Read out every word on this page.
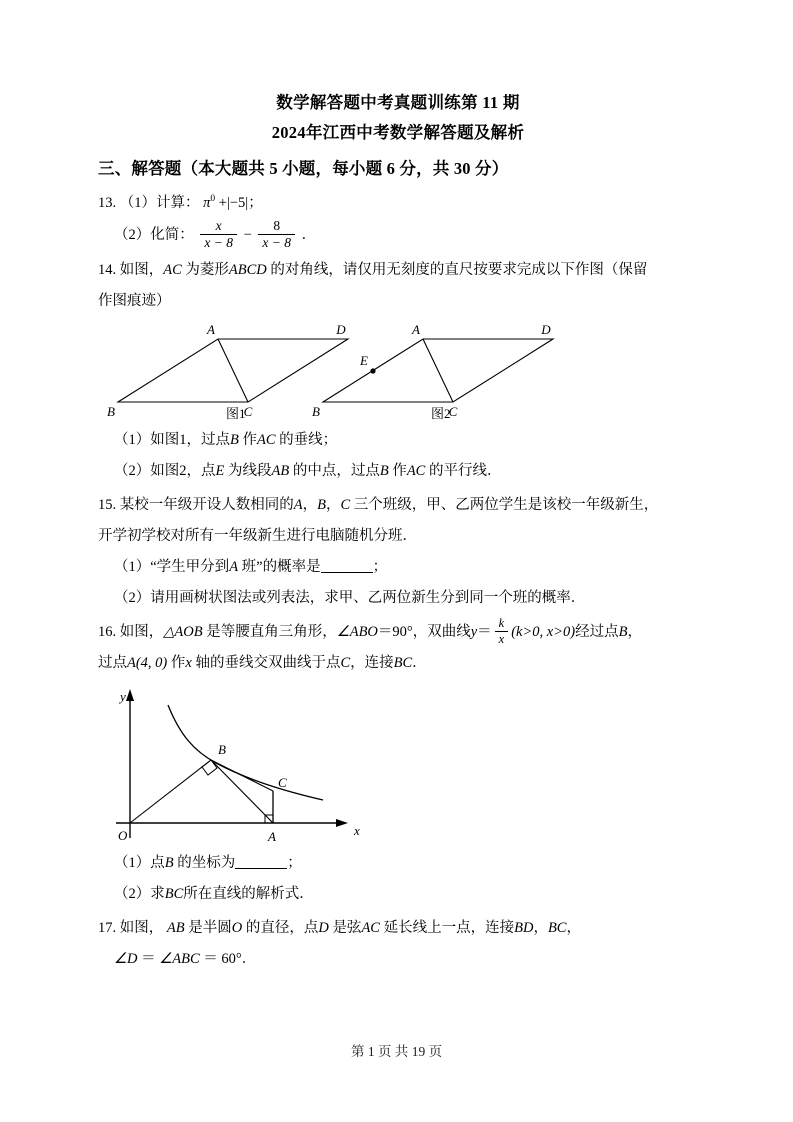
数学解答题中考真题训练第 11 期
2024年江西中考数学解答题及解析
三、解答题（本大题共 5 小题，每小题 6 分，共 30 分）
13. （1）计算： $\pi^0 +|-5|$；
（2）化简： $\frac{x}{x - 8} - \frac{8}{x - 8}$ ．
14. 如图，AC 为菱形ABCD 的对角线，请仅用无刻度的直尺按要求完成以下作图（保留
作图痕迹）
A	D
B	C
A	D
B	C
E
图1	图2
（1）如图1，过点B 作AC 的垂线；
（2）如图2，点E 为线段AB 的中点，过点B 作AC 的平行线．
15. 某校一年级开设人数相同的A，B，C 三个班级，甲、乙两位学生是该校一年级新生，
开学初学校对所有一年级新生进行电脑随机分班．
（1）“学生甲分到A 班”的概率是	；
（2）请用画树状图法或列表法，求甲、乙两位新生分到同一个班的概率．
16. 如图，△AOB 是等腰直角三角形，∠ABO＝90°，双曲线$y= \frac{k}{x} (k>0$, x>0)经过点B，
过点A(4, 0) 作x 轴的垂线交双曲线于点C，连接BC．
y
x
O	A
B
C
（1）点B 的坐标为	；
（2）求BC所在直线的解析式．
17. 如图， AB 是半圆O 的直径，点D 是弦AC 延长线上一点，连接BD，BC，
∠D ＝ ∠ABC ＝ 60°．
第 1 页 共 19 页
